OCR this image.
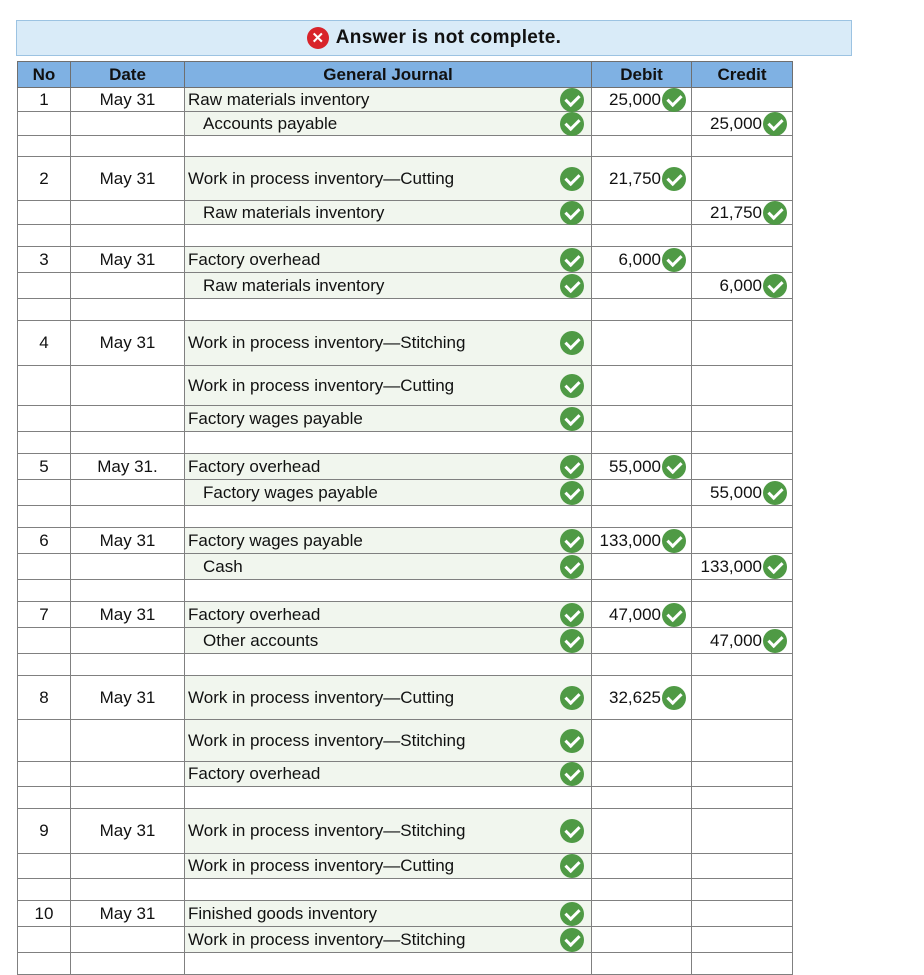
✕ Answer is not complete.
No	Date	General Journal	Debit	Credit
1	May 31	Raw materials inventory	25,000

		Accounts payable		25,000

2	May 31	Work in process inventory—Cutting	21,750

		Raw materials inventory		21,750

3	May 31	Factory overhead	6,000

		Raw materials inventory		6,000

4	May 31	Work in process inventory—Stitching

		Work in process inventory—Cutting

		Factory wages payable

5	May 31.	Factory overhead	55,000

		Factory wages payable		55,000

6	May 31	Factory wages payable	133,000

		Cash		133,000

7	May 31	Factory overhead	47,000

		Other accounts		47,000

8	May 31	Work in process inventory—Cutting	32,625

		Work in process inventory—Stitching

		Factory overhead

9	May 31	Work in process inventory—Stitching

		Work in process inventory—Cutting

10	May 31	Finished goods inventory

		Work in process inventory—Stitching
